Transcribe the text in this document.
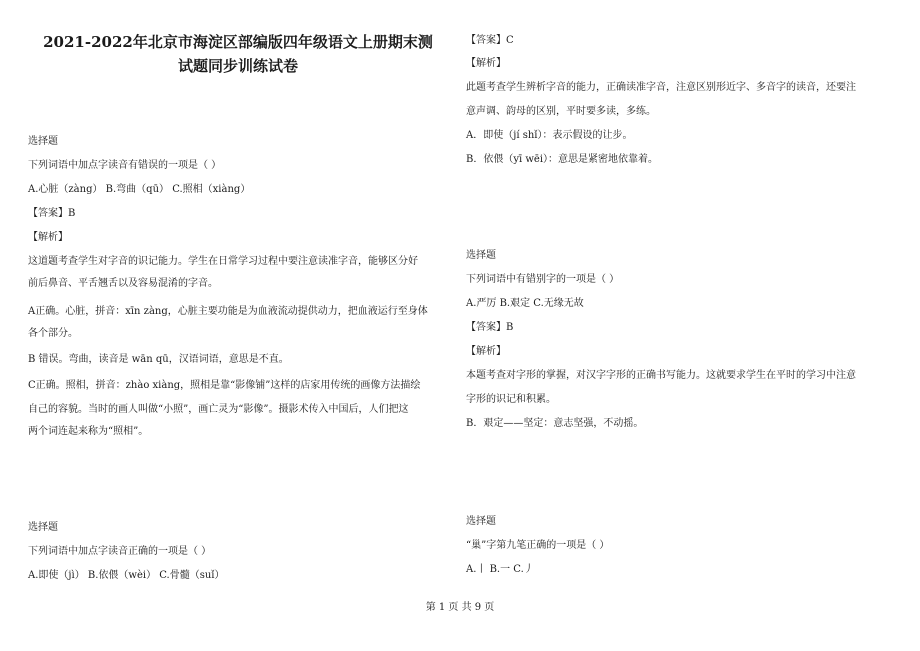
2021-2022年北京市海淀区部编版四年级语文上册期末测
试题同步训练试卷
选择题
下列词语中加点字读音有错误的一项是（ ）
A.心脏（zàng） B.弯曲（qū） C.照相（xiàng）
【答案】B
【解析】
这道题考查学生对字音的识记能力。学生在日常学习过程中要注意读准字音，能够区分好
前后鼻音、平舌翘舌以及容易混淆的字音。
A正确。心脏，拼音：xīn zàng，心脏主要功能是为血液流动提供动力，把血液运行至身体
各个部分。
B 错误。弯曲，读音是 wān qū，汉语词语，意思是不直。
C正确。照相，拼音：zhào xiàng，照相是靠“影像铺”这样的店家用传统的画像方法描绘
自己的容貌。当时的画人叫做“小照”，画亡灵为“影像”。摄影术传入中国后，人们把这
两个词连起来称为“照相”。
选择题
下列词语中加点字读音正确的一项是（ ）
A.即使（jì） B.依偎（wèi） C.骨髓（suǐ）
【答案】C
【解析】
此题考查学生辨析字音的能力，正确读准字音，注意区别形近字、多音字的读音，还要注
意声调、韵母的区别，平时要多读，多练。
A．即使（jí shǐ）：表示假设的让步。
B．依偎（yī wēi）：意思是紧密地依靠着。
选择题
下列词语中有错别字的一项是（ ）
A.严厉 B.艰定 C.无缘无故
【答案】B
【解析】
本题考查对字形的掌握，对汉字字形的正确书写能力。这就要求学生在平时的学习中注意
字形的识记和积累。
B．艰定——坚定：意志坚强，不动摇。
选择题
“巢”字第九笔正确的一项是（ ）
A.丨 B.一 C.丿
第 1 页 共 9 页
